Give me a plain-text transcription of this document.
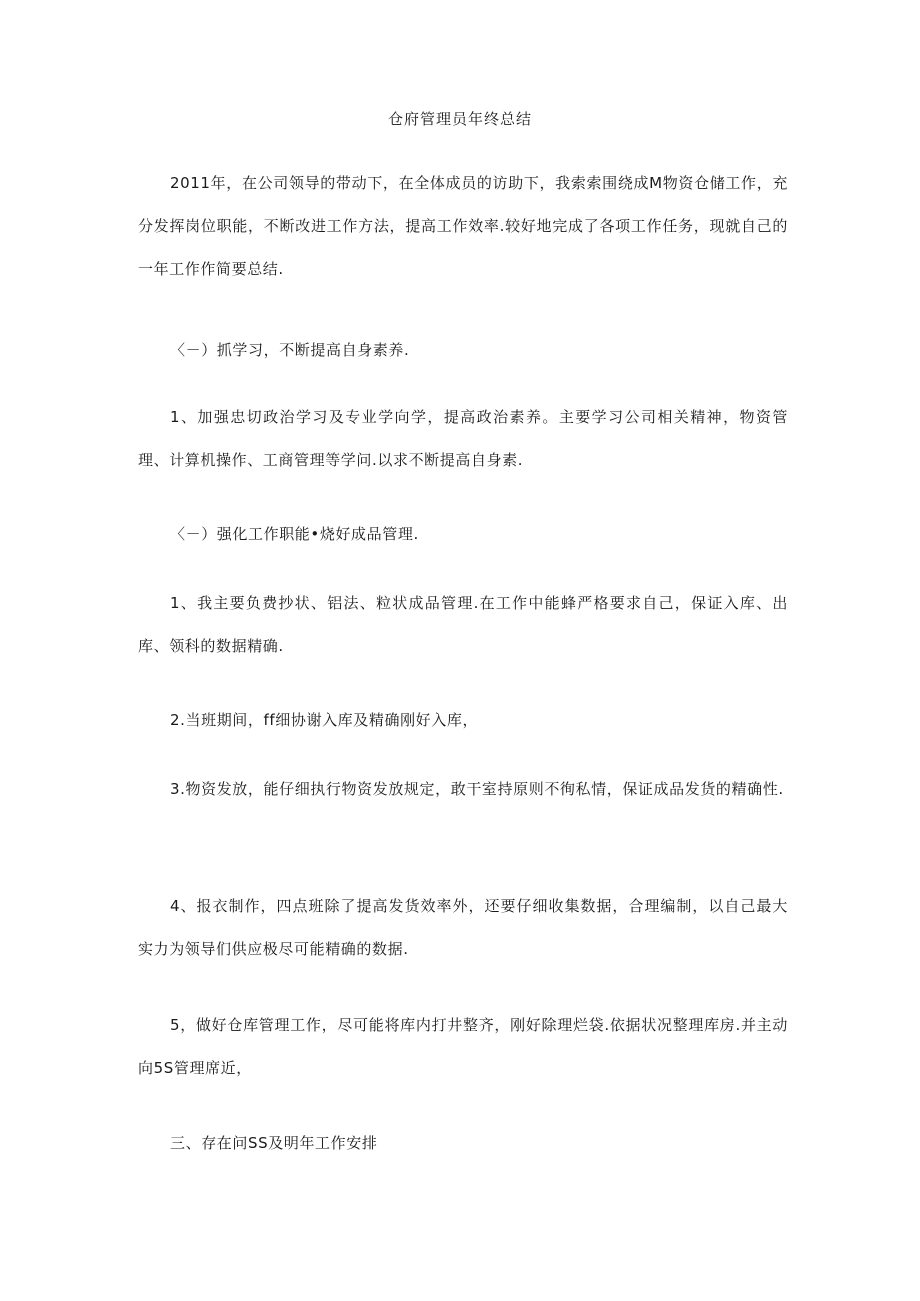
仓府管理员年终总结

2011年，在公司领导的带动下，在全体成员的访助下，我索索围绕成M物资仓储工作，充分发挥岗位职能，不断改进工作方法，提高工作效率.较好地完成了各项工作任务，现就自己的一年工作作简要总结.

〈－）抓学习，不断提高自身素养.

1、加强忠切政治学习及专业学向学，提高政治素养。主要学习公司相关精神，物资管理、计算机操作、工商管理等学问.以求不断提高自身素.

〈－）强化工作职能•烧好成品管理.

1、我主要负费抄状、铝法、粒状成品管理.在工作中能蜂严格要求自己，保证入库、出库、领科的数据精确.

2.当班期间，ff细协谢入库及精确刚好入库，

3.物资发放，能仔细执行物资发放规定，敢干室持原则不徇私情，保证成品发货的精确性.

4、报衣制作，四点班除了提高发货效率外，还要仔细收集数据，合理编制，以自己最大实力为领导们供应极尽可能精确的数据.

5，做好仓库管理工作，尽可能将库内打井整齐，刚好除理烂袋.依据状况整理库房.并主动向5S管理席近，

三、存在问SS及明年工作安排
